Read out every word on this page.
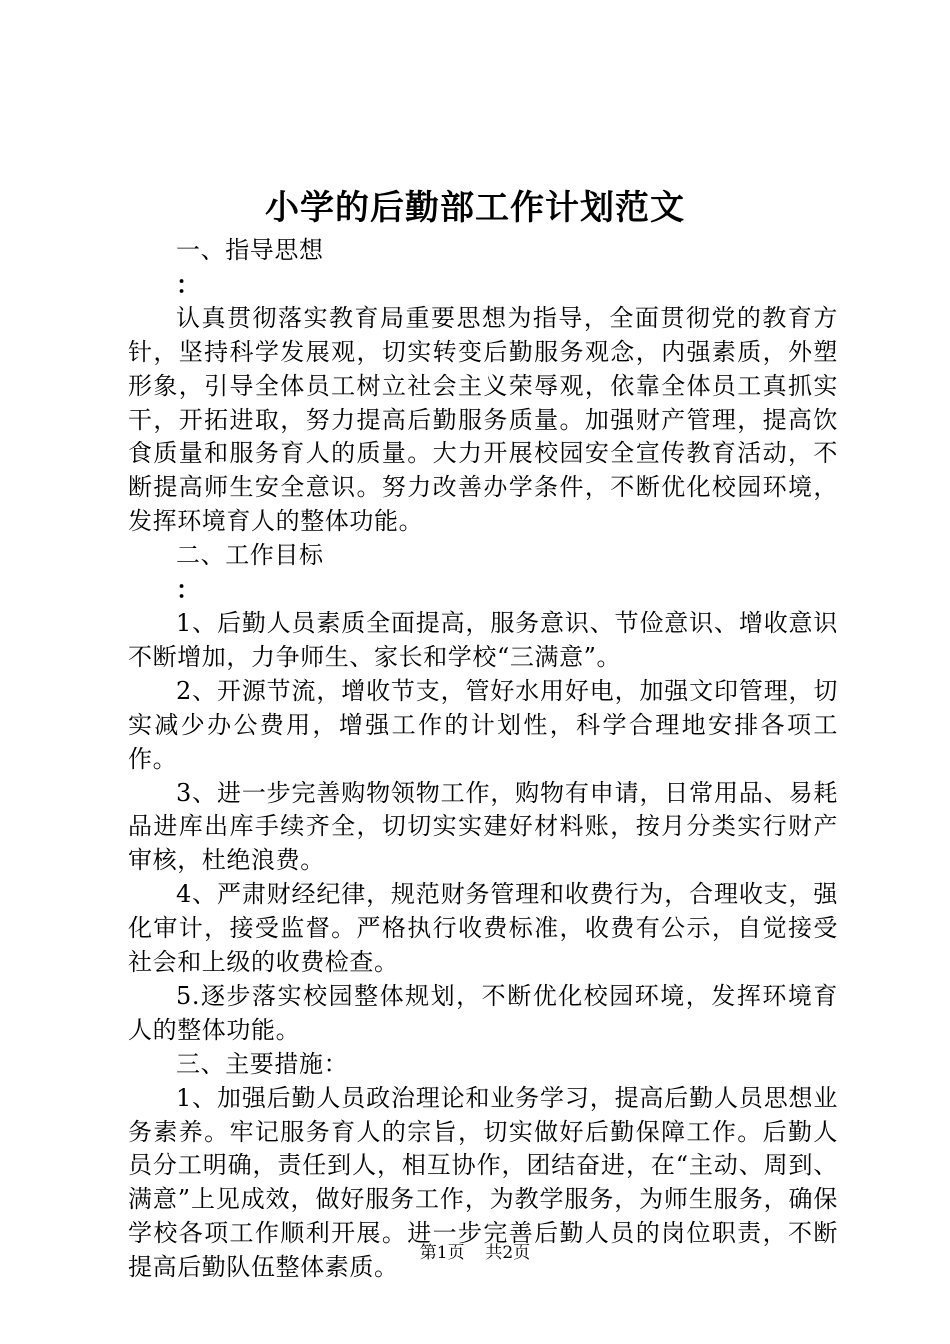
小学的后勤部工作计划范文

一、指导思想

：

认真贯彻落实教育局重要思想为指导，全面贯彻党的教育方针，坚持科学发展观，切实转变后勤服务观念，内强素质，外塑形象，引导全体员工树立社会主义荣辱观，依靠全体员工真抓实干，开拓进取，努力提高后勤服务质量。加强财产管理，提高饮食质量和服务育人的质量。大力开展校园安全宣传教育活动，不断提高师生安全意识。努力改善办学条件，不断优化校园环境，发挥环境育人的整体功能。

二、工作目标

：

1、后勤人员素质全面提高，服务意识、节俭意识、增收意识不断增加，力争师生、家长和学校“三满意”。

2、开源节流，增收节支，管好水用好电，加强文印管理，切实减少办公费用，增强工作的计划性，科学合理地安排各项工作。

3、进一步完善购物领物工作，购物有申请，日常用品、易耗品进库出库手续齐全，切切实实建好材料账，按月分类实行财产审核，杜绝浪费。

4、严肃财经纪律，规范财务管理和收费行为，合理收支，强化审计，接受监督。严格执行收费标准，收费有公示，自觉接受社会和上级的收费检查。

5.逐步落实校园整体规划，不断优化校园环境，发挥环境育人的整体功能。

三、主要措施：

1、加强后勤人员政治理论和业务学习，提高后勤人员思想业务素养。牢记服务育人的宗旨，切实做好后勤保障工作。后勤人员分工明确，责任到人，相互协作，团结奋进，在“主动、周到、满意”上见成效，做好服务工作，为教学服务，为师生服务，确保学校各项工作顺利开展。进一步完善后勤人员的岗位职责，不断提高后勤队伍整体素质。

第1页 共2页
